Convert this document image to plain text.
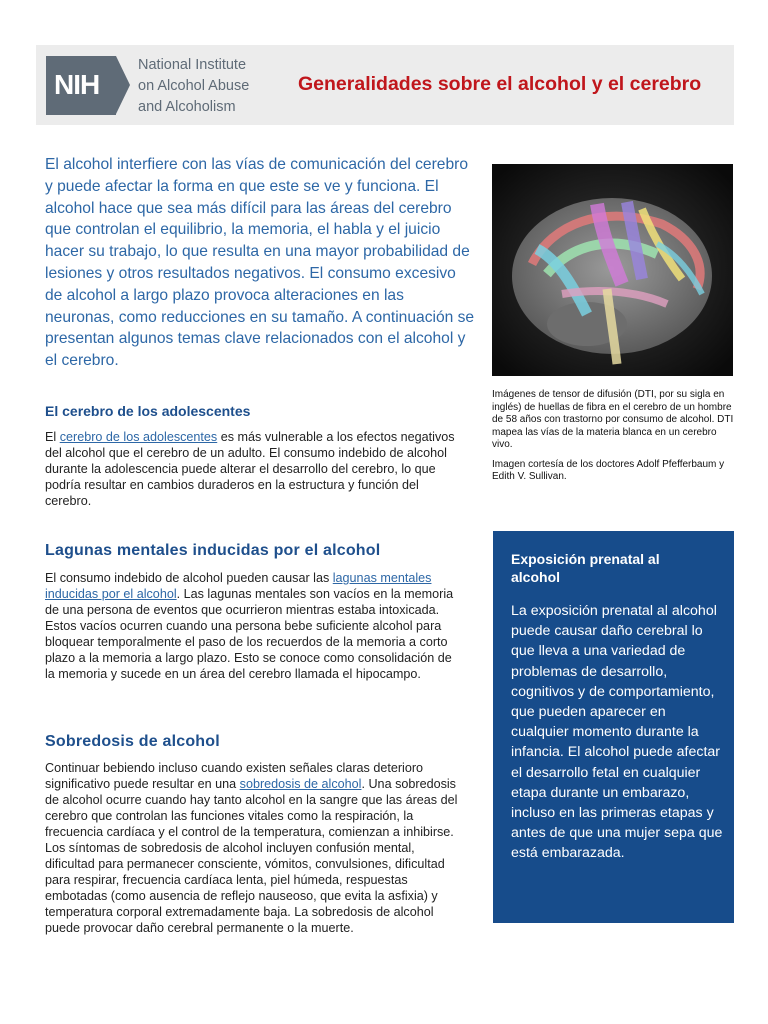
NIH
National Institute
on Alcohol Abuse
and Alcoholism
Generalidades sobre el alcohol y el cerebro

El alcohol interfiere con las vías de comunicación del cerebro y puede afectar la forma en que este se ve y funciona. El alcohol hace que sea más difícil para las áreas del cerebro que controlan el equilibrio, la memoria, el habla y el juicio hacer su trabajo, lo que resulta en una mayor probabilidad de lesiones y otros resultados negativos. El consumo excesivo de alcohol a largo plazo provoca alteraciones en las neuronas, como reducciones en su tamaño. A continuación se presentan algunos temas clave relacionados con el alcohol y el cerebro.

Imágenes de tensor de difusión (DTI, por su sigla en inglés) de huellas de fibra en el cerebro de un hombre de 58 años con trastorno por consumo de alcohol. DTI mapea las vías de la materia blanca en un cerebro vivo.

Imagen cortesía de los doctores Adolf Pfefferbaum y Edith V. Sullivan.

El cerebro de los adolescentes

El cerebro de los adolescentes es más vulnerable a los efectos negativos del alcohol que el cerebro de un adulto. El consumo indebido de alcohol durante la adolescencia puede alterar el desarrollo del cerebro, lo que podría resultar en cambios duraderos en la estructura y función del cerebro.

Lagunas mentales inducidas por el alcohol

El consumo indebido de alcohol pueden causar las lagunas mentales inducidas por el alcohol. Las lagunas mentales son vacíos en la memoria de una persona de eventos que ocurrieron mientras estaba intoxicada. Estos vacíos ocurren cuando una persona bebe suficiente alcohol para bloquear temporalmente el paso de los recuerdos de la memoria a corto plazo a la memoria a largo plazo. Esto se conoce como consolidación de la memoria y sucede en un área del cerebro llamada el hipocampo.

Sobredosis de alcohol

Continuar bebiendo incluso cuando existen señales claras deterioro significativo puede resultar en una sobredosis de alcohol. Una sobredosis de alcohol ocurre cuando hay tanto alcohol en la sangre que las áreas del cerebro que controlan las funciones vitales como la respiración, la frecuencia cardíaca y el control de la temperatura, comienzan a inhibirse. Los síntomas de sobredosis de alcohol incluyen confusión mental, dificultad para permanecer consciente, vómitos, convulsiones, dificultad para respirar, frecuencia cardíaca lenta, piel húmeda, respuestas embotadas (como ausencia de reflejo nauseoso, que evita la asfixia) y temperatura corporal extremadamente baja. La sobredosis de alcohol puede provocar daño cerebral permanente o la muerte.

Exposición prenatal al alcohol

La exposición prenatal al alcohol puede causar daño cerebral lo que lleva a una variedad de problemas de desarrollo, cognitivos y de comportamiento, que pueden aparecer en cualquier momento durante la infancia. El alcohol puede afectar el desarrollo fetal en cualquier etapa durante un embarazo, incluso en las primeras etapas y antes de que una mujer sepa que está embarazada.
